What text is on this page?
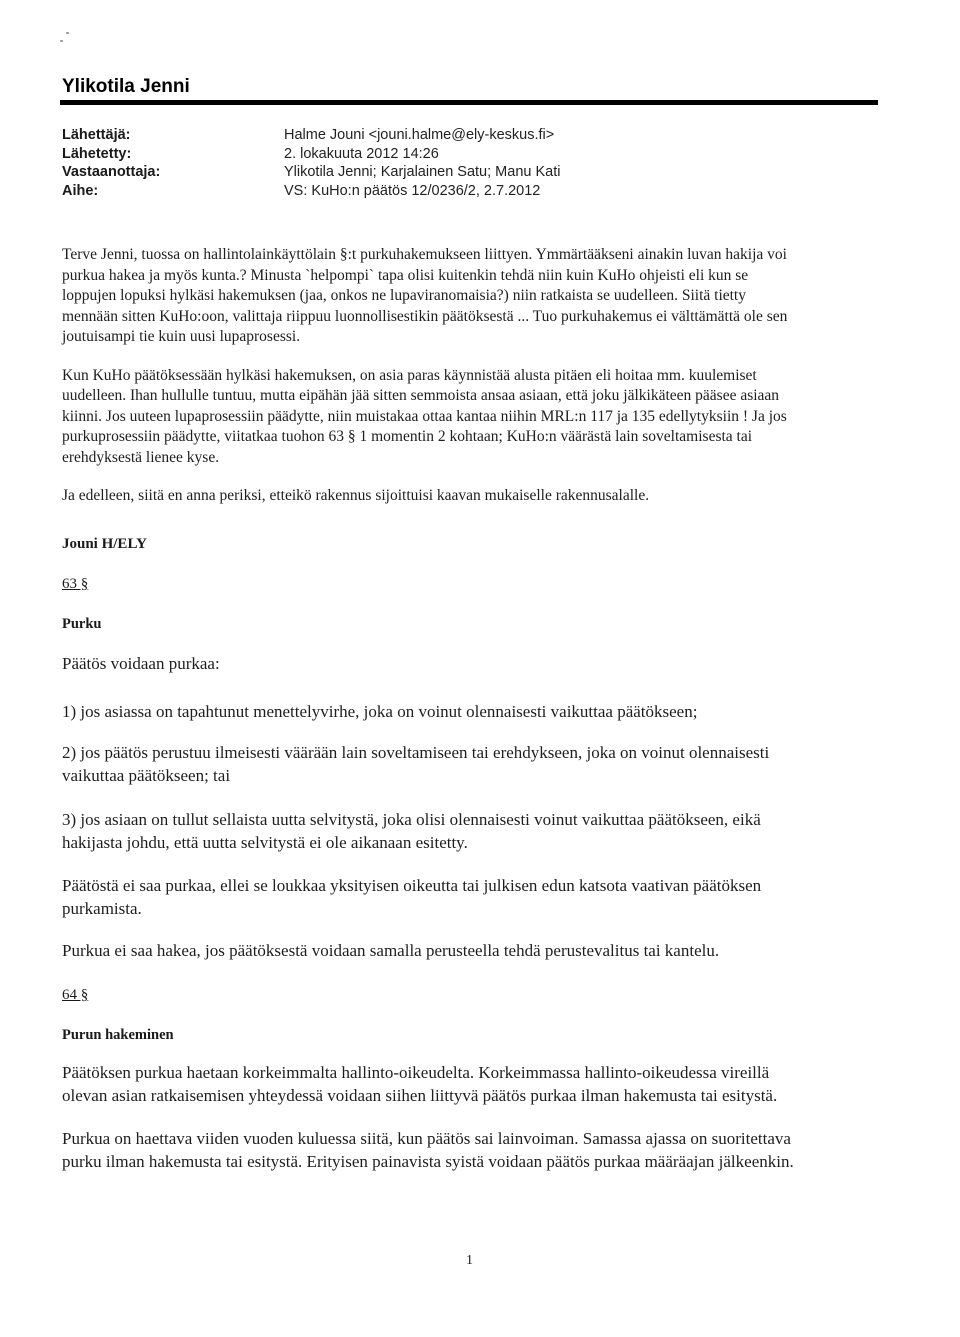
Ylikotila Jenni
Lähettäjä:	Halme Jouni <jouni.halme@ely-keskus.fi>
Lähetetty:	2. lokakuuta 2012 14:26
Vastaanottaja:	Ylikotila Jenni; Karjalainen Satu; Manu Kati
Aihe:	VS: KuHo:n päätös 12/0236/2, 2.7.2012

Terve Jenni, tuossa on hallintolainkäyttölain §:t purkuhakemukseen liittyen. Ymmärtääkseni ainakin luvan hakija voi
purkua hakea ja myös kunta.? Minusta `helpompi` tapa olisi kuitenkin tehdä niin kuin KuHo ohjeisti eli kun se
loppujen lopuksi hylkäsi hakemuksen (jaa, onkos ne lupaviranomaisia?) niin ratkaista se uudelleen. Siitä tietty
mennään sitten KuHo:oon, valittaja riippuu luonnollisestikin päätöksestä ... Tuo purkuhakemus ei välttämättä ole sen
joutuisampi tie kuin uusi lupaprosessi.

Kun KuHo päätöksessään hylkäsi hakemuksen, on asia paras käynnistää alusta pitäen eli hoitaa mm. kuulemiset
uudelleen. Ihan hullulle tuntuu, mutta eipähän jää sitten semmoista ansaa asiaan, että joku jälkikäteen pääsee asiaan
kiinni. Jos uuteen lupaprosessiin päädytte, niin muistakaa ottaa kantaa niihin MRL:n 117 ja 135 edellytyksiin ! Ja jos
purkuprosessiin päädytte, viitatkaa tuohon 63 § 1 momentin 2 kohtaan; KuHo:n väärästä lain soveltamisesta tai
erehdyksestä lienee kyse.

Ja edelleen, siitä en anna periksi, etteikö rakennus sijoittuisi kaavan mukaiselle rakennusalalle.

Jouni H/ELY
63 §
Purku

Päätös voidaan purkaa:

1) jos asiassa on tapahtunut menettelyvirhe, joka on voinut olennaisesti vaikuttaa päätökseen;

2) jos päätös perustuu ilmeisesti väärään lain soveltamiseen tai erehdykseen, joka on voinut olennaisesti
vaikuttaa päätökseen; tai

3) jos asiaan on tullut sellaista uutta selvitystä, joka olisi olennaisesti voinut vaikuttaa päätökseen, eikä
hakijasta johdu, että uutta selvitystä ei ole aikanaan esitetty.

Päätöstä ei saa purkaa, ellei se loukkaa yksityisen oikeutta tai julkisen edun katsota vaativan päätöksen
purkamista.

Purkua ei saa hakea, jos päätöksestä voidaan samalla perusteella tehdä perustevalitus tai kantelu.

64 §
Purun hakeminen

Päätöksen purkua haetaan korkeimmalta hallinto-oikeudelta. Korkeimmassa hallinto-oikeudessa vireillä
olevan asian ratkaisemisen yhteydessä voidaan siihen liittyvä päätös purkaa ilman hakemusta tai esitystä.

Purkua on haettava viiden vuoden kuluessa siitä, kun päätös sai lainvoiman. Samassa ajassa on suoritettava
purku ilman hakemusta tai esitystä. Erityisen painavista syistä voidaan päätös purkaa määräajan jälkeenkin.

1
